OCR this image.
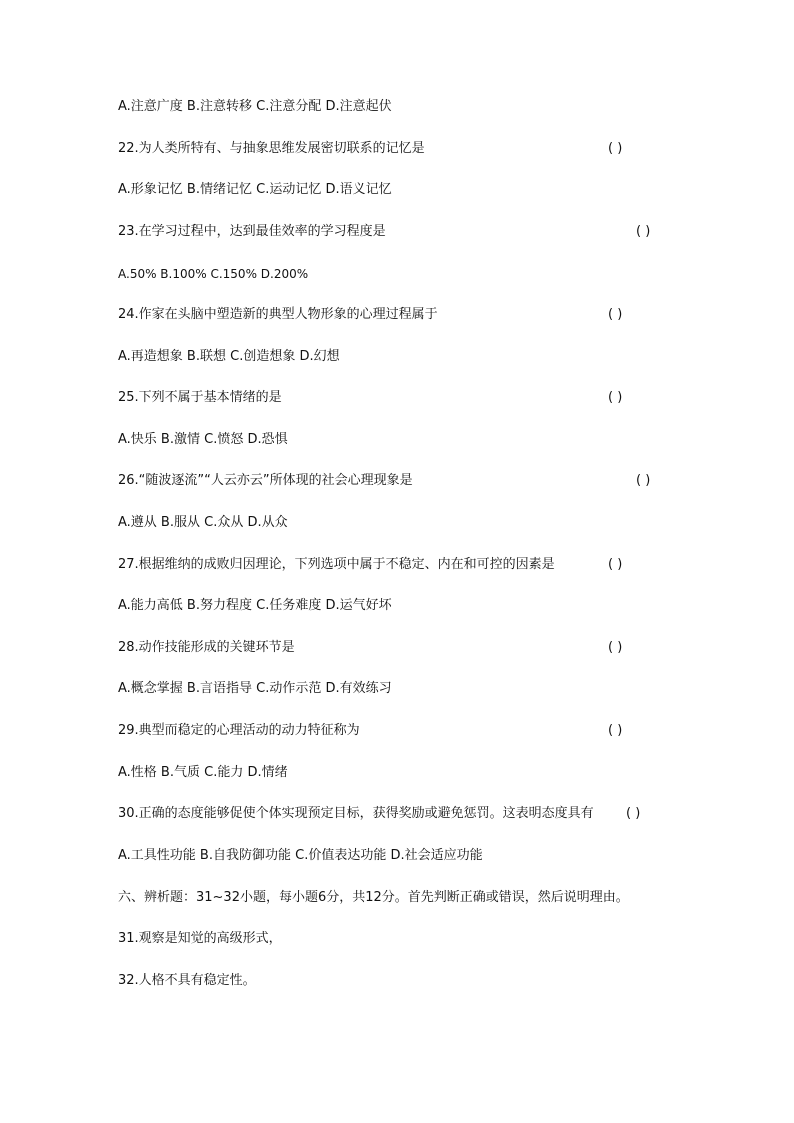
A.注意广度 B.注意转移 C.注意分配 D.注意起伏
22.为人类所特有、与抽象思维发展密切联系的记忆是	( )
A.形象记忆 B.情绪记忆 C.运动记忆 D.语义记忆
23.在学习过程中，达到最佳效率的学习程度是	( )
A.50% B.100% C.150% D.200%
24.作家在头脑中塑造新的典型人物形象的心理过程属于	( )
A.再造想象 B.联想 C.创造想象 D.幻想
25.下列不属于基本情绪的是	( )
A.快乐 B.激情 C.愤怒 D.恐惧
26.“随波逐流”“人云亦云”所体现的社会心理现象是	( )
A.遵从 B.服从 C.众从 D.从众
27.根据维纳的成败归因理论，下列选项中属于不稳定、内在和可控的因素是	( )
A.能力高低 B.努力程度 C.任务难度 D.运气好坏
28.动作技能形成的关键环节是	( )
A.概念掌握 B.言语指导 C.动作示范 D.有效练习
29.典型而稳定的心理活动的动力特征称为	( )
A.性格 B.气质 C.能力 D.情绪
30.正确的态度能够促使个体实现预定目标，获得奖励或避免惩罚。这表明态度具有 ( )
A.工具性功能 B.自我防御功能 C.价值表达功能 D.社会适应功能
六、辨析题：31~32小题，每小题6分，共12分。首先判断正确或错误，然后说明理由。
31.观察是知觉的高级形式，
32.人格不具有稳定性。
